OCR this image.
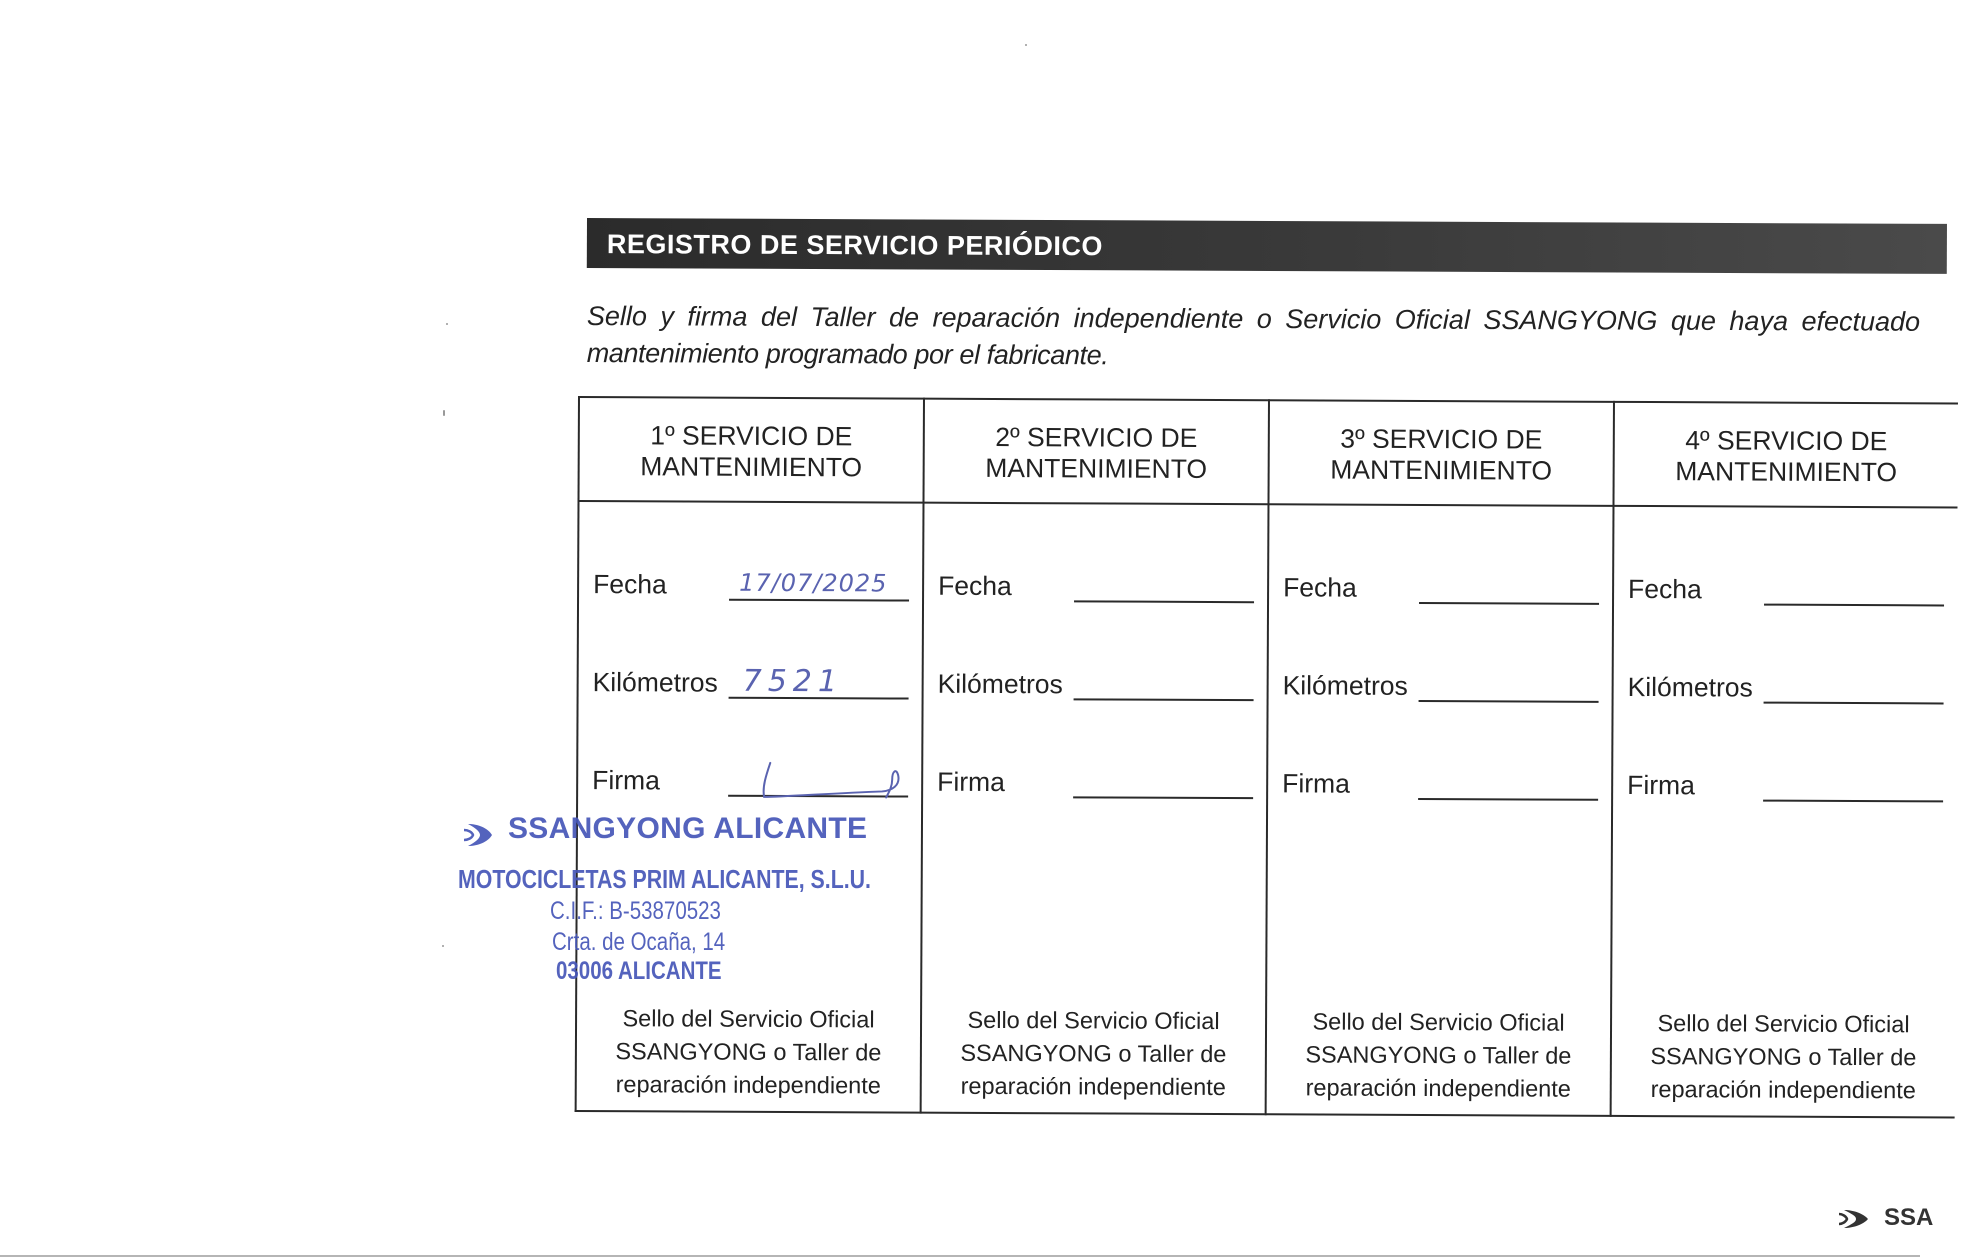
REGISTRO DE SERVICIO PERIÓDICO
Sello y firma del Taller de reparación independiente o Servicio Oficial SSANGYONG que haya efectuado
mantenimiento programado por el fabricante.
1º SERVICIO DE
MANTENIMIENTO
Fecha	17/07/2025
Kilómetros 7521
Firma
Sello del Servicio Oficial
SSANGYONG o Taller de
reparación independiente
2º SERVICIO DE
MANTENIMIENTO
Fecha
Kilómetros
Firma
Sello del Servicio Oficial
SSANGYONG o Taller de
reparación independiente
3º SERVICIO DE
MANTENIMIENTO
Fecha
Kilómetros
Firma
Sello del Servicio Oficial
SSANGYONG o Taller de
reparación independiente
4º SERVICIO DE
MANTENIMIENTO
Fecha
Kilómetros
Firma
Sello del Servicio Oficial
SSANGYONG o Taller de
reparación independiente
SSANGYONG ALICANTE
MOTOCICLETAS PRIM ALICANTE, S.L.U.
C.I.F.: B-53870523
Crta. de Ocaña, 14
03006 ALICANTE
SSA
